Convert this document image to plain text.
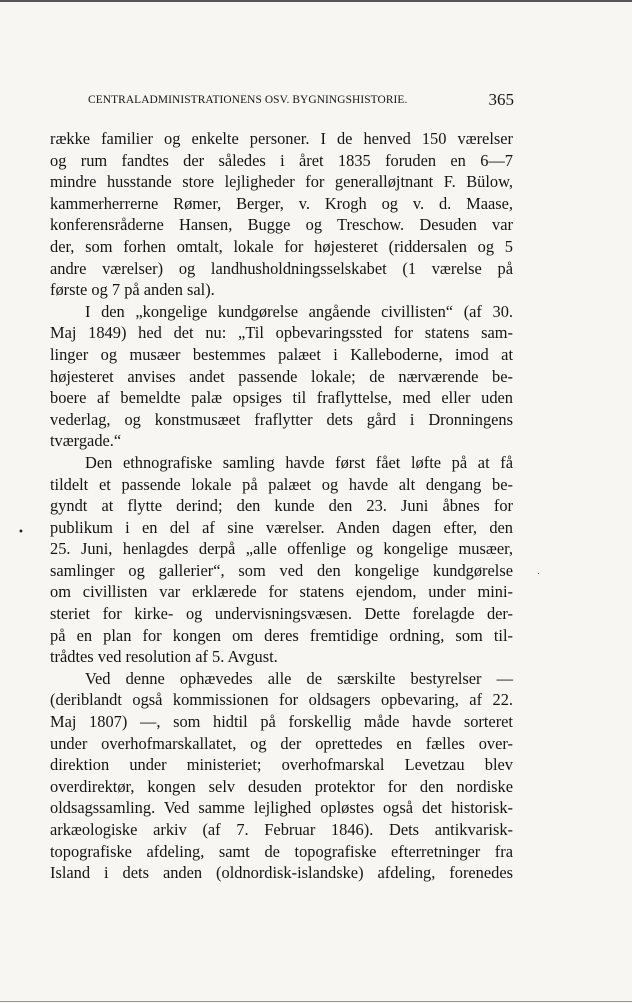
CENTRALADMINISTRATIONENS OSV. BYGNINGSHISTORIE.	365
•
.
række familier og enkelte personer. I de henved 150 værelser
og rum fandtes der således i året 1835 foruden en 6—7
mindre husstande store lejligheder for generalløjtnant F. Bülow,
kammerherrerne Rømer, Berger, v. Krogh og v. d. Maase,
konferensråderne Hansen, Bugge og Treschow. Desuden var
der, som forhen omtalt, lokale for højesteret (riddersalen og 5
andre værelser) og landhusholdningsselskabet (1 værelse på
første og 7 på anden sal).
I den „kongelige kundgørelse angående civillisten“ (af 30.
Maj 1849) hed det nu: „Til opbevaringssted for statens sam-
linger og musæer bestemmes palæet i Kalleboderne, imod at
højesteret anvises andet passende lokale; de nærværende be-
boere af bemeldte palæ opsiges til fraflyttelse, med eller uden
vederlag, og konstmusæet fraflytter dets gård i Dronningens
tværgade.“
Den ethnografiske samling havde først fået løfte på at få
tildelt et passende lokale på palæet og havde alt dengang be-
gyndt at flytte derind; den kunde den 23. Juni åbnes for
publikum i en del af sine værelser. Anden dagen efter, den
25. Juni, henlagdes derpå „alle offenlige og kongelige musæer,
samlinger og gallerier“, som ved den kongelige kundgørelse
om civillisten var erklærede for statens ejendom, under mini-
steriet for kirke- og undervisningsvæsen. Dette forelagde der-
på en plan for kongen om deres fremtidige ordning, som til-
trådtes ved resolution af 5. Avgust.
Ved denne ophævedes alle de særskilte bestyrelser —
(deriblandt også kommissionen for oldsagers opbevaring, af 22.
Maj 1807) —, som hidtil på forskellig måde havde sorteret
under overhofmarskallatet, og der oprettedes en fælles over-
direktion under ministeriet; overhofmarskal Levetzau blev
overdirektør, kongen selv desuden protektor for den nordiske
oldsagssamling. Ved samme lejlighed opløstes også det historisk-
arkæologiske arkiv (af 7. Februar 1846). Dets antikvarisk-
topografiske afdeling, samt de topografiske efterretninger fra
Island i dets anden (oldnordisk-islandske) afdeling, forenedes
